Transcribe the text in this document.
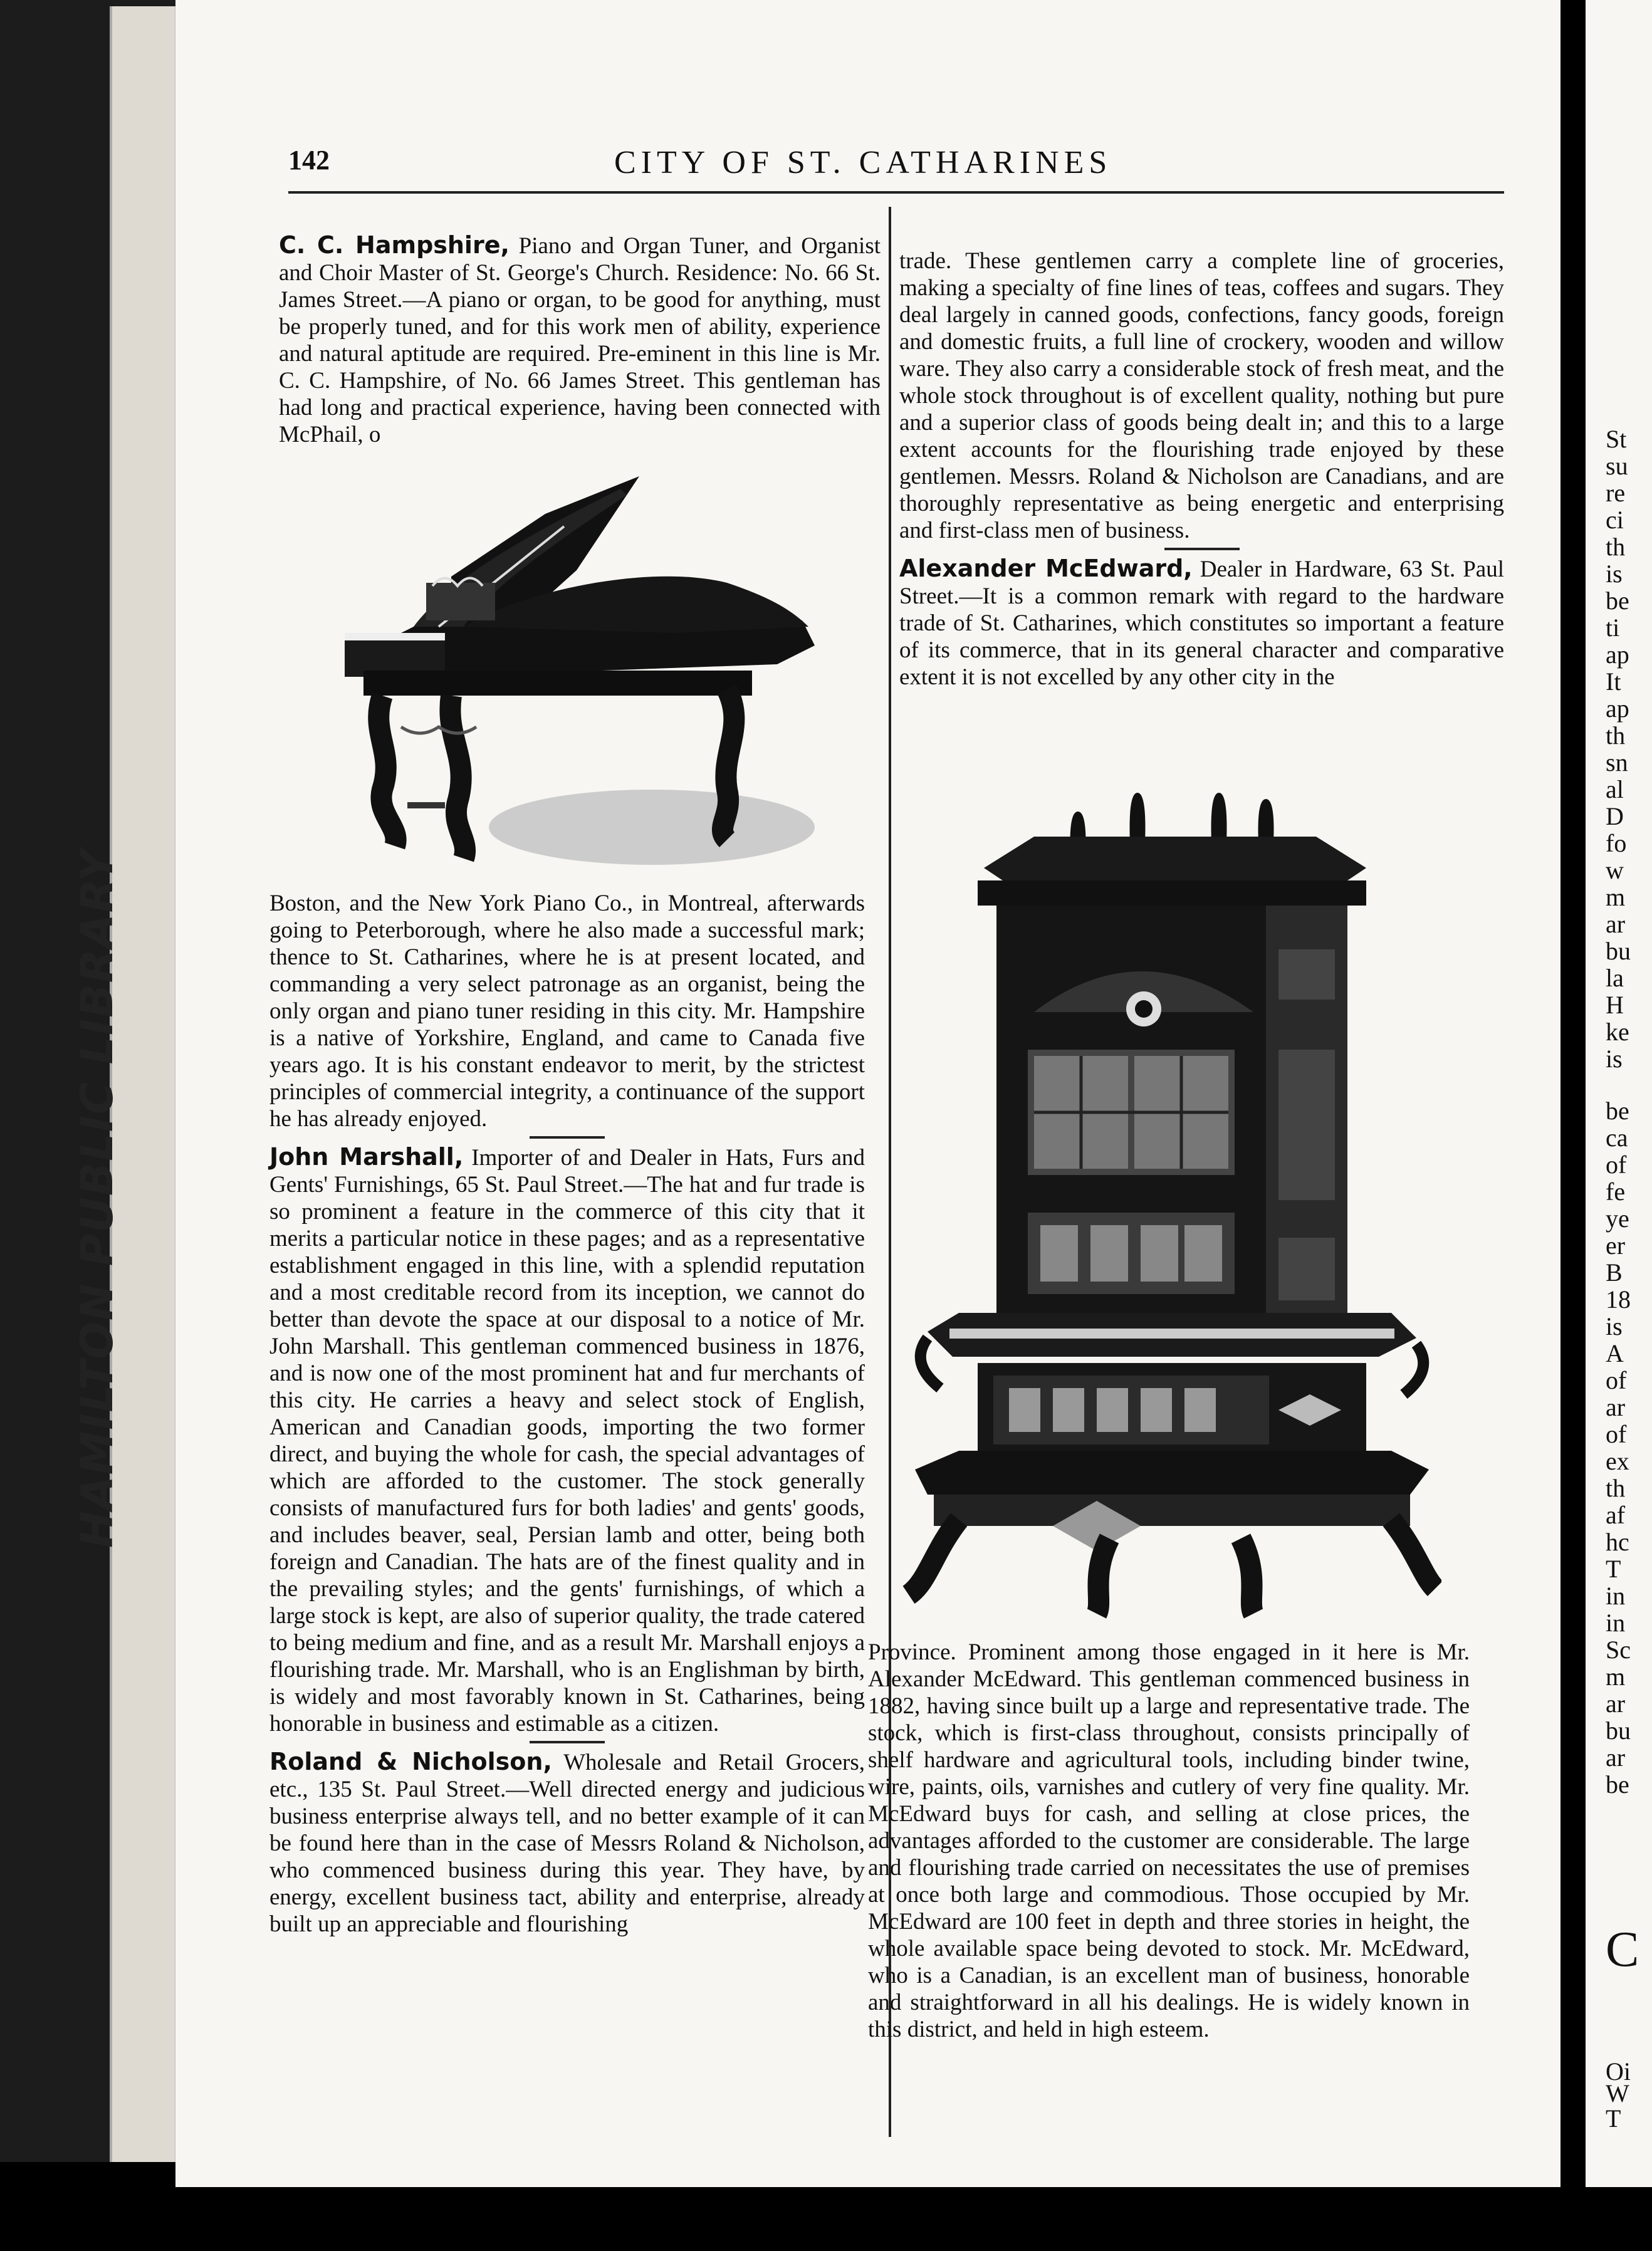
HAMILTON PUBLIC LIBRARY
142	CITY OF ST. CATHARINES

C. C. Hampshire, Piano and Organ Tuner, and Organist and Choir Master of St. George's Church. Residence: No. 66 St. James Street.—A piano or organ, to be good for anything, must be properly tuned, and for this work men of ability, experience and natural aptitude are required. Pre-eminent in this line is Mr. C. C. Hampshire, of No. 66 James Street. This gentleman has had long and practical experience, having been connected with McPhail, o

Boston, and the New York Piano Co., in Montreal, afterwards going to Peterborough, where he also made a successful mark; thence to St. Catharines, where he is at present located, and commanding a very select patronage as an organist, being the only organ and piano tuner residing in this city. Mr. Hampshire is a native of Yorkshire, England, and came to Canada five years ago. It is his constant endeavor to merit, by the strictest principles of commercial integrity, a continuance of the support he has already enjoyed.

John Marshall, Importer of and Dealer in Hats, Furs and Gents' Furnishings, 65 St. Paul Street.—The hat and fur trade is so prominent a feature in the commerce of this city that it merits a particular notice in these pages; and as a representative establishment engaged in this line, with a splendid reputation and a most creditable record from its inception, we cannot do better than devote the space at our disposal to a notice of Mr. John Marshall. This gentleman commenced business in 1876, and is now one of the most prominent hat and fur merchants of this city. He carries a heavy and select stock of English, American and Canadian goods, importing the two former direct, and buying the whole for cash, the special advantages of which are afforded to the customer. The stock generally consists of manufactured furs for both ladies' and gents' goods, and includes beaver, seal, Persian lamb and otter, being both foreign and Canadian. The hats are of the finest quality and in the prevailing styles; and the gents' furnishings, of which a large stock is kept, are also of superior quality, the trade catered to being medium and fine, and as a result Mr. Marshall enjoys a flourishing trade. Mr. Marshall, who is an Englishman by birth, is widely and most favorably known in St. Catharines, being honorable in business and estimable as a citizen.

Roland & Nicholson, Wholesale and Retail Grocers, etc., 135 St. Paul Street.—Well directed energy and judicious business enterprise always tell, and no better example of it can be found here than in the case of Messrs Roland & Nicholson, who commenced business during this year. They have, by energy, excellent business tact, ability and enterprise, already built up an appreciable and flourishing

trade. These gentlemen carry a complete line of groceries, making a specialty of fine lines of teas, coffees and sugars. They deal largely in canned goods, confections, fancy goods, foreign and domestic fruits, a full line of crockery, wooden and willow ware. They also carry a considerable stock of fresh meat, and the whole stock throughout is of excellent quality, nothing but pure and a superior class of goods being dealt in; and this to a large extent accounts for the flourishing trade enjoyed by these gentlemen. Messrs. Roland & Nicholson are Canadians, and are thoroughly representative as being energetic and enterprising and first-class men of business.

Alexander McEdward, Dealer in Hardware, 63 St. Paul Street.—It is a common remark with regard to the hardware trade of St. Catharines, which constitutes so important a feature of its commerce, that in its general character and comparative extent it is not excelled by any other city in the

Province. Prominent among those engaged in it here is Mr. Alexander McEdward. This gentleman commenced business in 1882, having since built up a large and representative trade. The stock, which is first-class throughout, consists principally of shelf hardware and agricultural tools, including binder twine, wire, paints, oils, varnishes and cutlery of very fine quality. Mr. McEdward buys for cash, and selling at close prices, the advantages afforded to the customer are considerable. The large and flourishing trade carried on necessitates the use of premises at once both large and commodious. Those occupied by Mr. McEdward are 100 feet in depth and three stories in height, the whole available space being devoted to stock. Mr. McEdward, who is a Canadian, is an excellent man of business, honorable and straightforward in all his dealings. He is widely known in this district, and held in high esteem.

St
su
re
ci
th
is
be
ti
ap
It
ap
th
sn
al
D
fo
w
m
ar
bu
la
H
ke
is
be
ca
of
fe
ye
er
B
18
is
A
of
ar
of
ex
th
af
hc
T
in
in
Sc
m
ar
bu
ar
be
C
Oi
W
T
